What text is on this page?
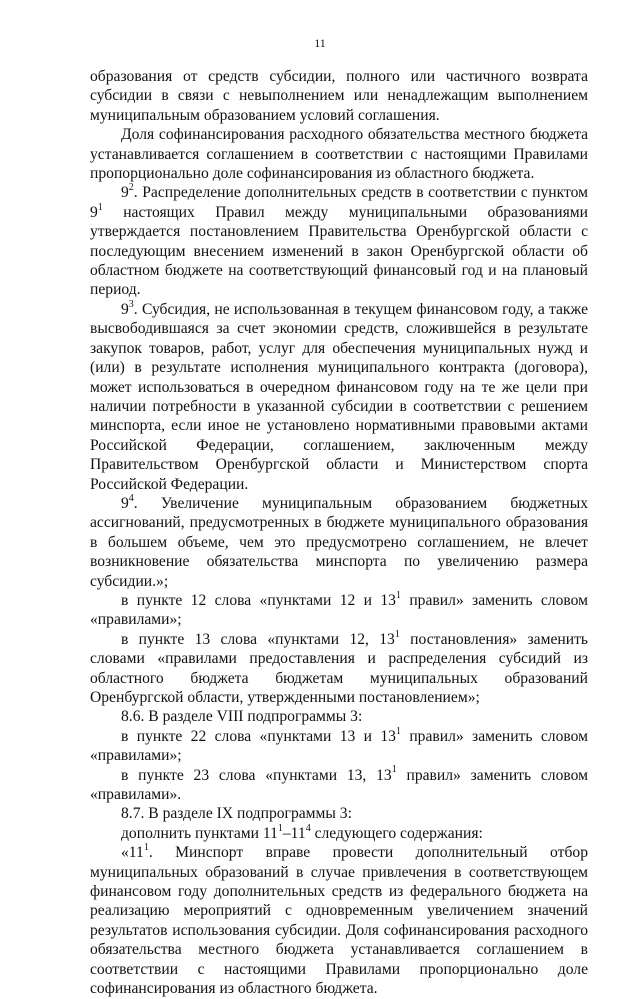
11

образования от средств субсидии, полного или частичного возврата субсидии в связи с невыполнением или ненадлежащим выполнением муниципальным образованием условий соглашения.

Доля софинансирования расходного обязательства местного бюджета устанавливается соглашением в соответствии с настоящими Правилами пропорционально доле софинансирования из областного бюджета.

$9^2$. Распределение дополнительных средств в соответствии с пунктом $9^1$ настоящих Правил между муниципальными образованиями утверждается постановлением Правительства Оренбургской области с последующим внесением изменений в закон Оренбургской области об областном бюджете на соответствующий финансовый год и на плановый период.

$9^3$. Субсидия, не использованная в текущем финансовом году, а также высвободившаяся за счет экономии средств, сложившейся в результате закупок товаров, работ, услуг для обеспечения муниципальных нужд и (или) в результате исполнения муниципального контракта (договора), может использоваться в очередном финансовом году на те же цели при наличии потребности в указанной субсидии в соответствии с решением минспорта, если иное не установлено нормативными правовыми актами Российской Федерации, соглашением, заключенным между Правительством Оренбургской области и Министерством спорта Российской Федерации.

$9^4$. Увеличение муниципальным образованием бюджетных ассигнований, предусмотренных в бюджете муниципального образования в большем объеме, чем это предусмотрено соглашением, не влечет возникновение обязательства минспорта по увеличению размера субсидии.»;

в пункте 12 слова «пунктами 12 и $13^1$ правил» заменить словом «правилами»;

в пункте 13 слова «пунктами 12, $13^1$ постановления» заменить словами «правилами предоставления и распределения субсидий из областного бюджета бюджетам муниципальных образований Оренбургской области, утвержденными постановлением»;

8.6. В разделе VIII подпрограммы 3:

в пункте 22 слова «пунктами 13 и $13^1$ правил» заменить словом «правилами»;

в пункте 23 слова «пунктами 13, $13^1$ правил» заменить словом «правилами».

8.7. В разделе IX подпрограммы 3:

дополнить пунктами $11^1-11^4$ следующего содержания:

«$11^1$. Минспорт вправе провести дополнительный отбор муниципальных образований в случае привлечения в соответствующем финансовом году дополнительных средств из федерального бюджета на реализацию мероприятий с одновременным увеличением значений результатов использования субсидии. Доля софинансирования расходного обязательства местного бюджета устанавливается соглашением в соответствии с настоящими Правилами пропорционально доле софинансирования из областного бюджета.
